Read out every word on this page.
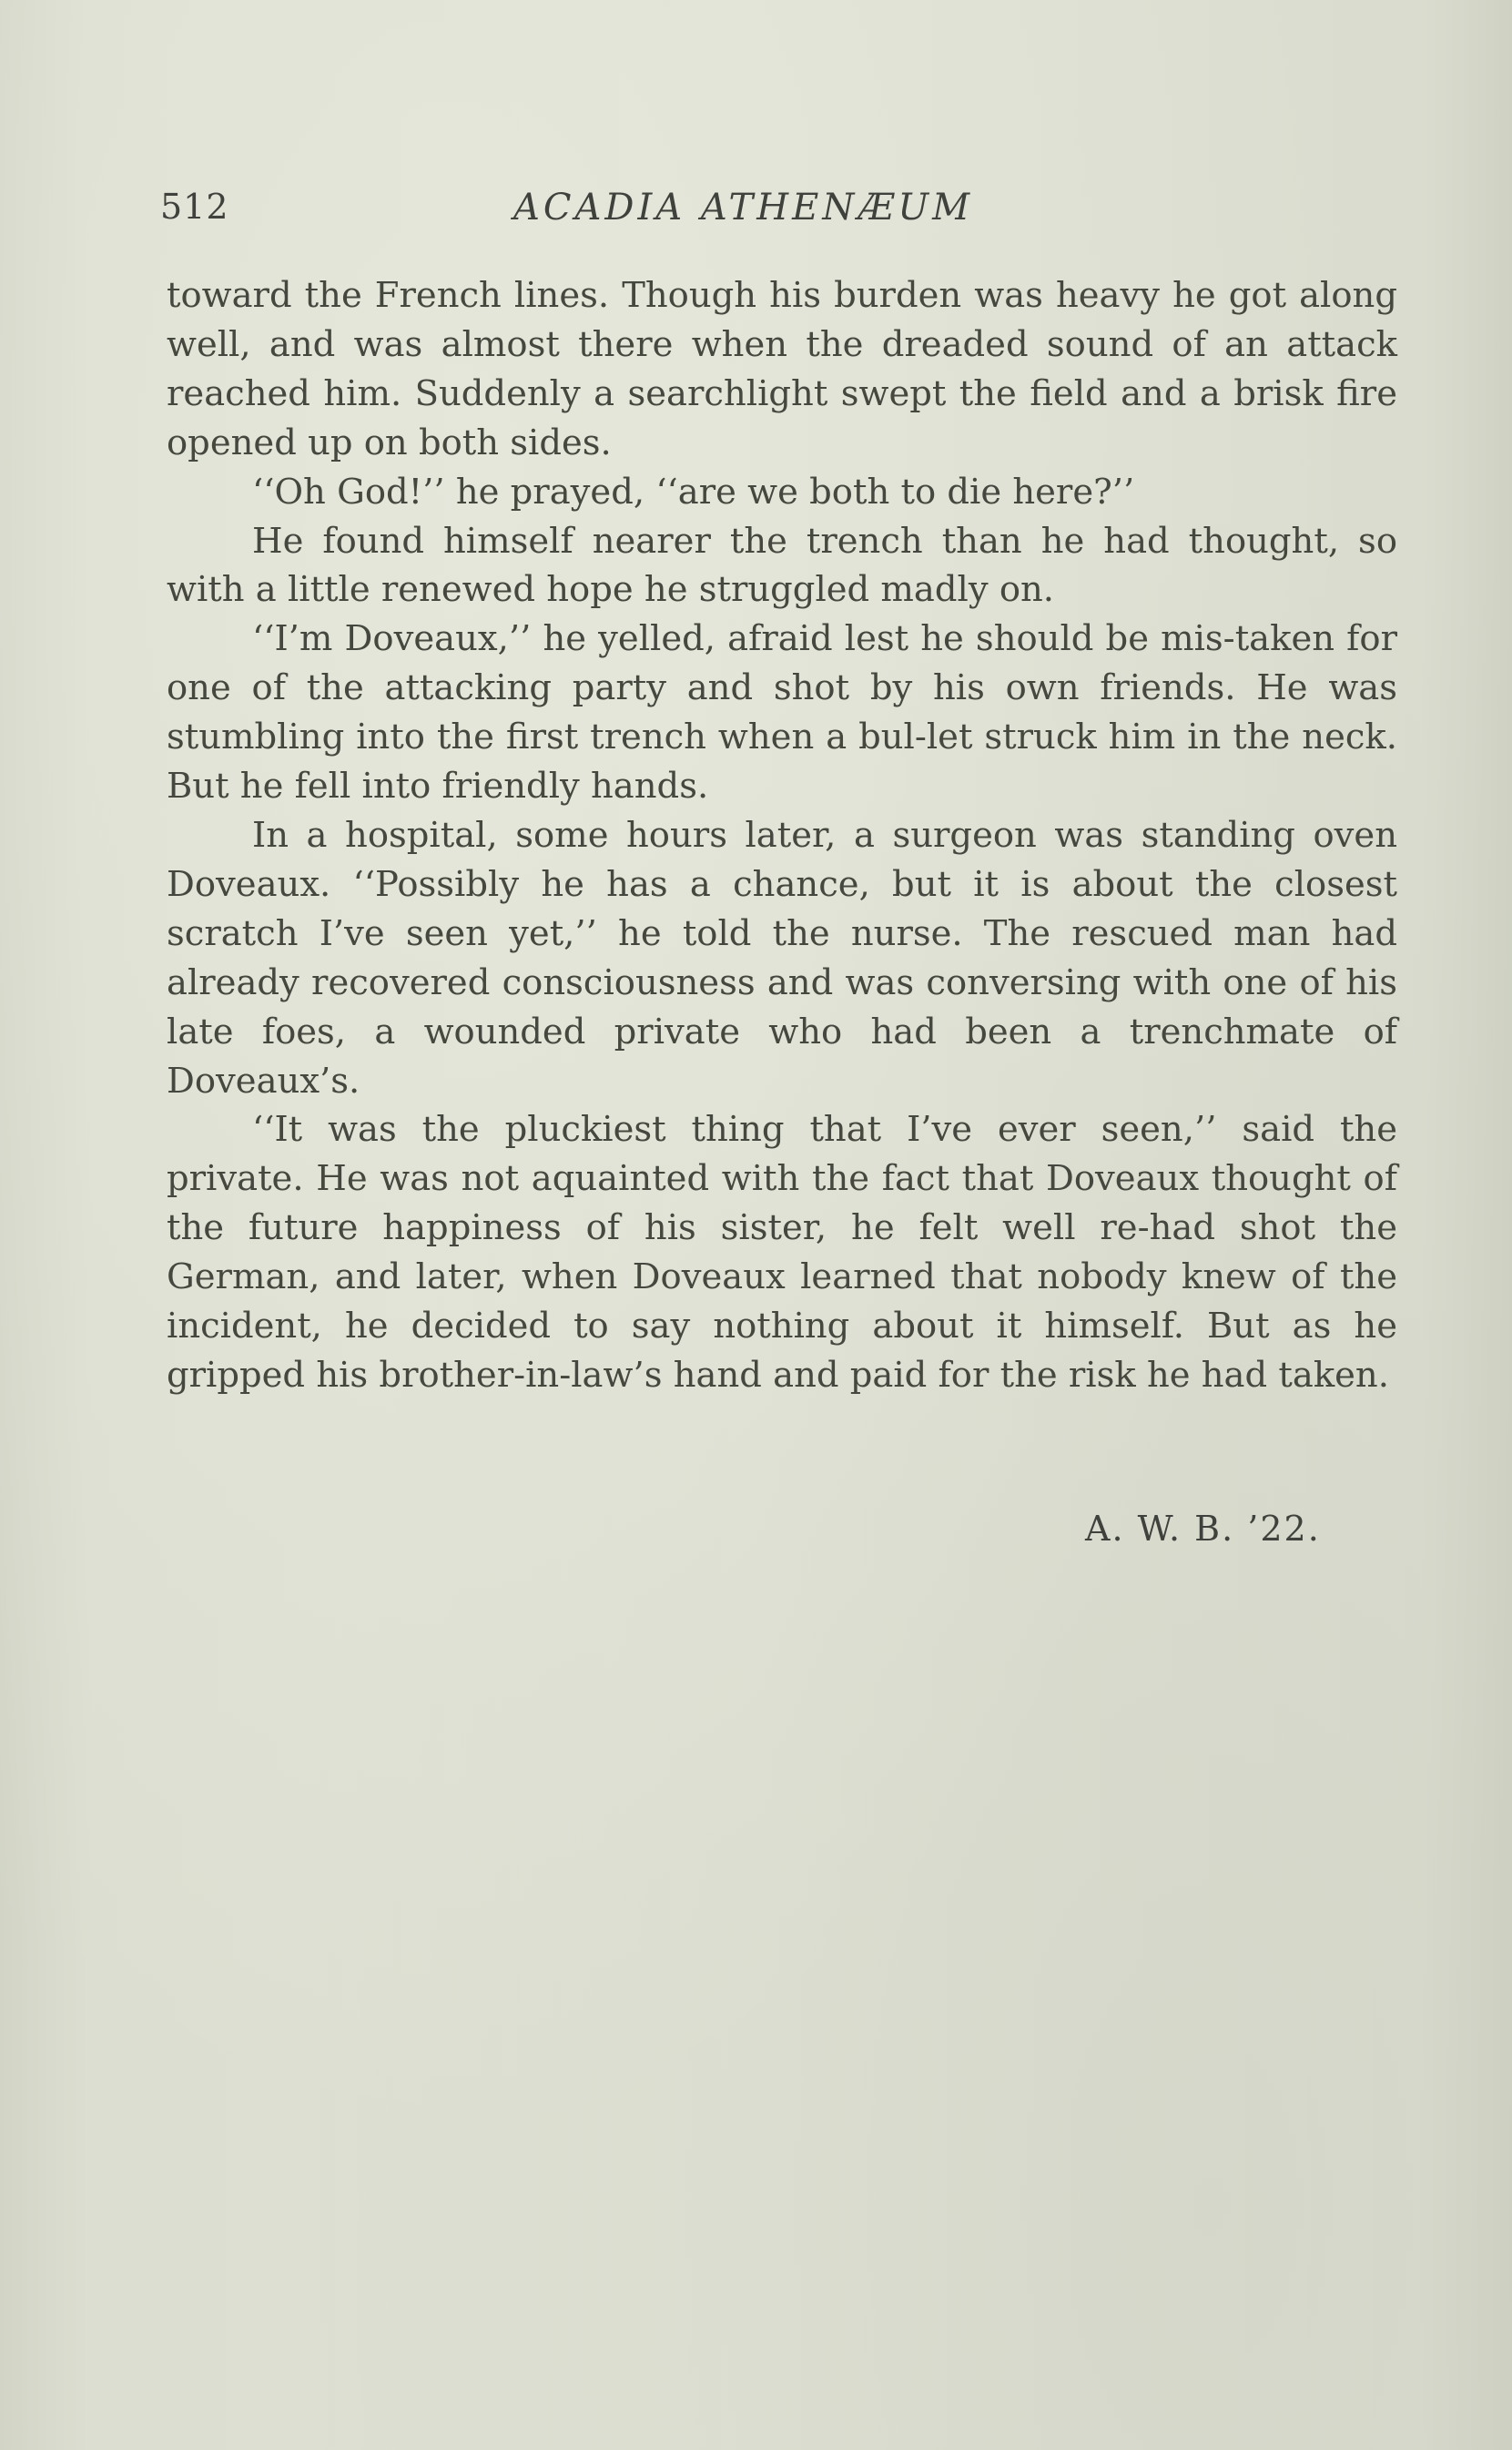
512	ACADIA ATHENÆUM

toward the French lines. Though his burden was heavy he got along well, and was almost there when the dreaded sound of an attack reached him. Suddenly a searchlight swept the field and a brisk fire opened up on both sides.

‘‘Oh God!’’ he prayed, ‘‘are we both to die here?’’

He found himself nearer the trench than he had thought, so with a little renewed hope he struggled madly on.

‘‘I’m Doveaux,’’ he yelled, afraid lest he should be mis-taken for one of the attacking party and shot by his own friends. He was stumbling into the first trench when a bul-let struck him in the neck. But he fell into friendly hands.

In a hospital, some hours later, a surgeon was standing oven Doveaux. ‘‘Possibly he has a chance, but it is about the closest scratch I’ve seen yet,’’ he told the nurse. The rescued man had already recovered consciousness and was conversing with one of his late foes, a wounded private who had been a trenchmate of Doveaux’s.

‘‘It was the pluckiest thing that I’ve ever seen,’’ said the private. He was not aquainted with the fact that Doveaux thought of the future happiness of his sister, he felt well re-had shot the German, and later, when Doveaux learned that nobody knew of the incident, he decided to say nothing about it himself. But as he gripped his brother-in-law’s hand and paid for the risk he had taken.

A. W. B. ’22.
